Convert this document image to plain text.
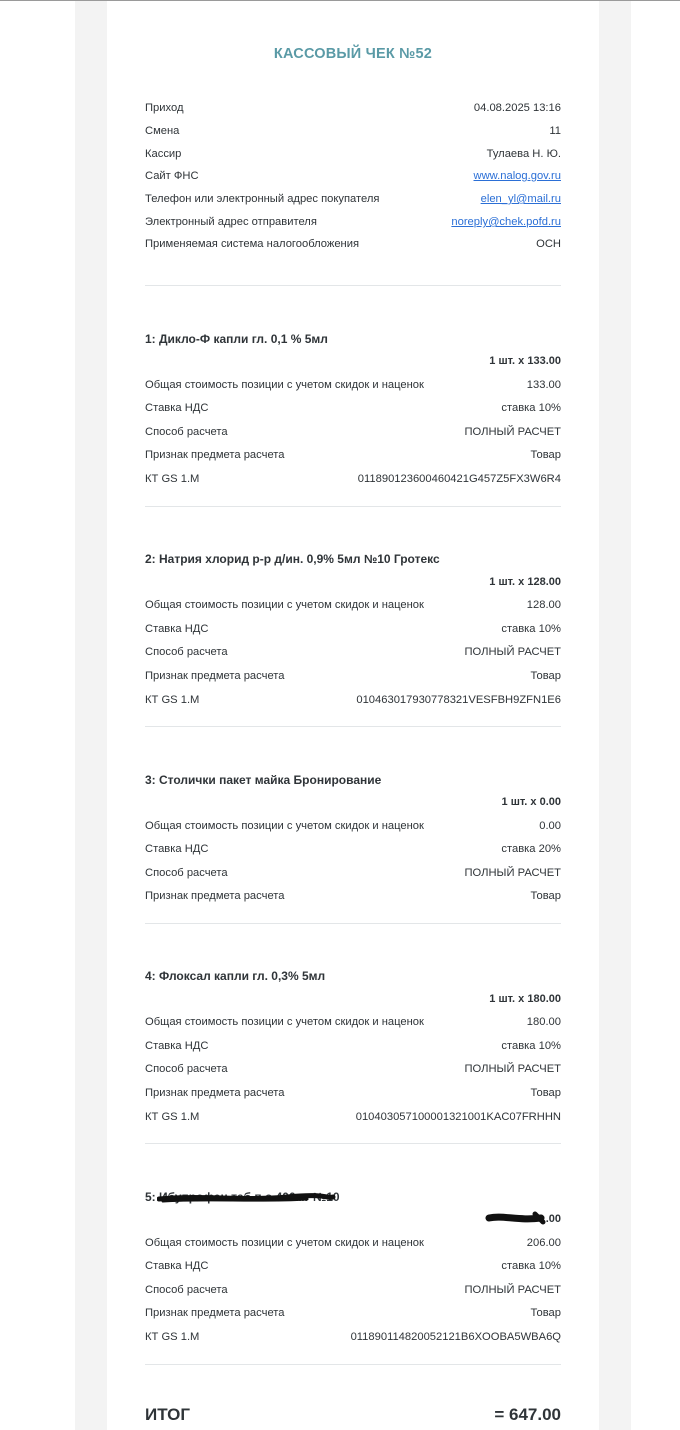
КАССОВЫЙ ЧЕК №52
Приход	04.08.2025 13:16
Смена	11
Кассир	Тулаева Н. Ю.
Сайт ФНС	www.nalog.gov.ru
Телефон или электронный адрес покупателя	elen_yl@mail.ru
Электронный адрес отправителя	noreply@chek.pofd.ru
Применяемая система налогообложения	ОСН
1: Дикло-Ф капли гл. 0,1 % 5мл
1 шт. x 133.00
Общая стоимость позиции с учетом скидок и наценок	133.00
Ставка НДС	ставка 10%
Способ расчета	ПОЛНЫЙ РАСЧЕТ
Признак предмета расчета	Товар
КТ GS 1.M	011890123600460421G457Z5FX3W6R4
2: Натрия хлорид р-р д/ин. 0,9% 5мл №10 Гротекс
1 шт. x 128.00
Общая стоимость позиции с учетом скидок и наценок	128.00
Ставка НДС	ставка 10%
Способ расчета	ПОЛНЫЙ РАСЧЕТ
Признак предмета расчета	Товар
КТ GS 1.M	010463017930778321VESFBH9ZFN1E6
3: Столички пакет майка Бронирование
1 шт. x 0.00
Общая стоимость позиции с учетом скидок и наценок	0.00
Ставка НДС	ставка 20%
Способ расчета	ПОЛНЫЙ РАСЧЕТ
Признак предмета расчета	Товар
4: Флоксал капли гл. 0,3% 5мл
1 шт. x 180.00
Общая стоимость позиции с учетом скидок и наценок	180.00
Ставка НДС	ставка 10%
Способ расчета	ПОЛНЫЙ РАСЧЕТ
Признак предмета расчета	Товар
КТ GS 1.M	010403057100001321001KAC07FRHHN
5: Ибупрофен таб п.о 400мг №10
.00
Общая стоимость позиции с учетом скидок и наценок	206.00
Ставка НДС	ставка 10%
Способ расчета	ПОЛНЫЙ РАСЧЕТ
Признак предмета расчета	Товар
КТ GS 1.M	011890114820052121B6XOOBA5WBA6Q
ИТОГ	= 647.00
